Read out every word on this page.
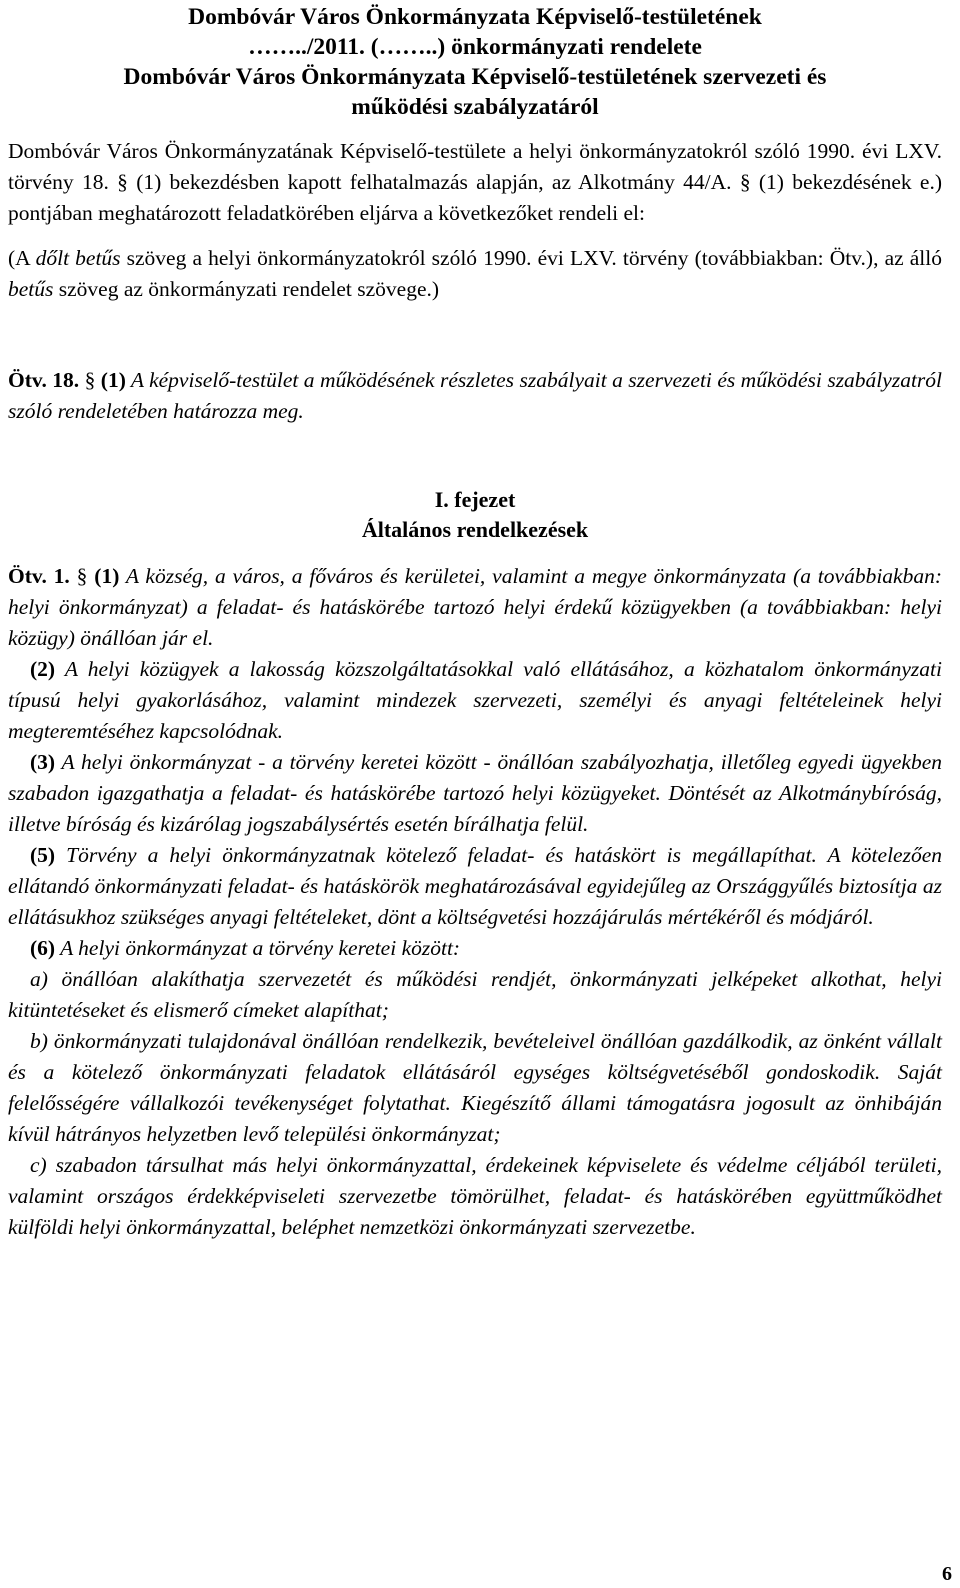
Dombóvár Város Önkormányzata Képviselő-testületének
……../2011. (……..) önkormányzati rendelete
Dombóvár Város Önkormányzata Képviselő-testületének szervezeti és
működési szabályzatáról

Dombóvár Város Önkormányzatának Képviselő-testülete a helyi önkormányzatokról szóló 1990. évi LXV. törvény 18. § (1) bekezdésben kapott felhatalmazás alapján, az Alkotmány 44/A. § (1) bekezdésének e.) pontjában meghatározott feladatkörében eljárva a következőket rendeli el:

(A dőlt betűs szöveg a helyi önkormányzatokról szóló 1990. évi LXV. törvény (továbbiakban: Ötv.), az álló betűs szöveg az önkormányzati rendelet szövege.)

Ötv. 18. § (1) A képviselő-testület a működésének részletes szabályait a szervezeti és működési szabályzatról szóló rendeletében határozza meg.

I. fejezet
Általános rendelkezések

Ötv. 1. § (1) A község, a város, a főváros és kerületei, valamint a megye önkormányzata (a továbbiakban: helyi önkormányzat) a feladat- és hatáskörébe tartozó helyi érdekű közügyekben (a továbbiakban: helyi közügy) önállóan jár el.

(2) A helyi közügyek a lakosság közszolgáltatásokkal való ellátásához, a közhatalom önkormányzati típusú helyi gyakorlásához, valamint mindezek szervezeti, személyi és anyagi feltételeinek helyi megteremtéséhez kapcsolódnak.

(3) A helyi önkormányzat - a törvény keretei között - önállóan szabályozhatja, illetőleg egyedi ügyekben szabadon igazgathatja a feladat- és hatáskörébe tartozó helyi közügyeket. Döntését az Alkotmánybíróság, illetve bíróság és kizárólag jogszabálysértés esetén bírálhatja felül.

(5) Törvény a helyi önkormányzatnak kötelező feladat- és hatáskört is megállapíthat. A kötelezően ellátandó önkormányzati feladat- és hatáskörök meghatározásával egyidejűleg az Országgyűlés biztosítja az ellátásukhoz szükséges anyagi feltételeket, dönt a költségvetési hozzájárulás mértékéről és módjáról.

(6) A helyi önkormányzat a törvény keretei között:

a) önállóan alakíthatja szervezetét és működési rendjét, önkormányzati jelképeket alkothat, helyi kitüntetéseket és elismerő címeket alapíthat;

b) önkormányzati tulajdonával önállóan rendelkezik, bevételeivel önállóan gazdálkodik, az önként vállalt és a kötelező önkormányzati feladatok ellátásáról egységes költségvetéséből gondoskodik. Saját felelősségére vállalkozói tevékenységet folytathat. Kiegészítő állami támogatásra jogosult az önhibáján kívül hátrányos helyzetben levő települési önkormányzat;

c) szabadon társulhat más helyi önkormányzattal, érdekeinek képviselete és védelme céljából területi, valamint országos érdekképviseleti szervezetbe tömörülhet, feladat- és hatáskörében együttműködhet külföldi helyi önkormányzattal, beléphet nemzetközi önkormányzati szervezetbe.

6
